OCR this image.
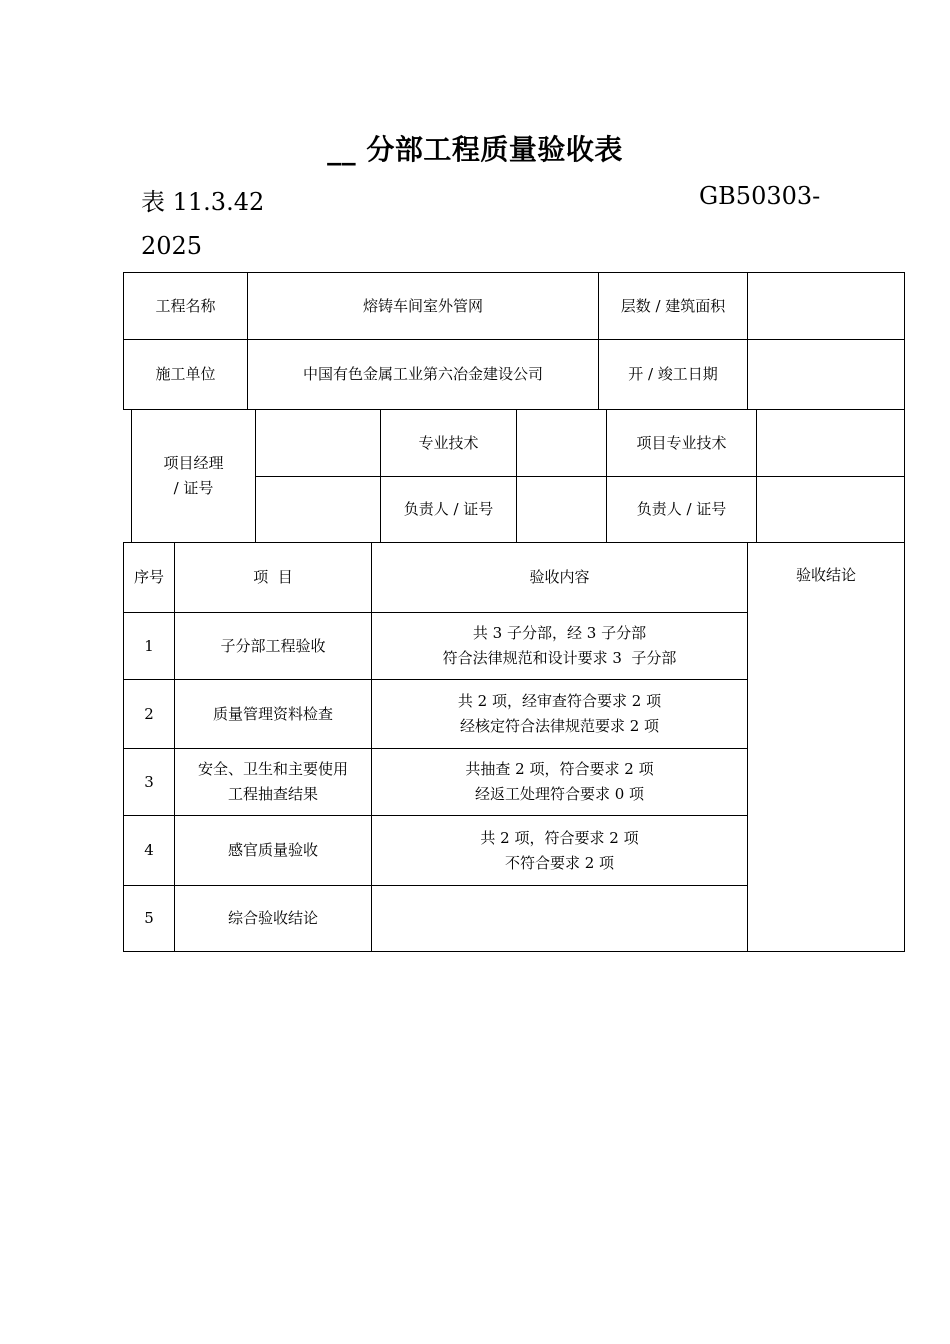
__ 分部工程质量验收表
表 11.3.42	GB50303-
2025
工程名称	熔铸车间室外管网	层数 / 建筑面积	
施工单位	中国有色金属工业第六冶金建设公司	开 / 竣工日期	
项目经理
/ 证号		专业技术		项目专业技术	
		负责人 / 证号		负责人 / 证号	
序号	项  目	验收内容	验收结论
1	子分部工程验收	共 3 子分部，经 3 子分部
符合法律规范和设计要求 3  子分部	

2	质量管理资料检查	共 2 项，经审查符合要求 2 项
经核定符合法律规范要求 2 项	

3	安全、卫生和主要使用
工程抽查结果	共抽查 2 项，符合要求 2 项
经返工处理符合要求 0 项	

4	感官质量验收	共 2 项，符合要求 2 项
不符合要求 2 项	

5	综合验收结论		
